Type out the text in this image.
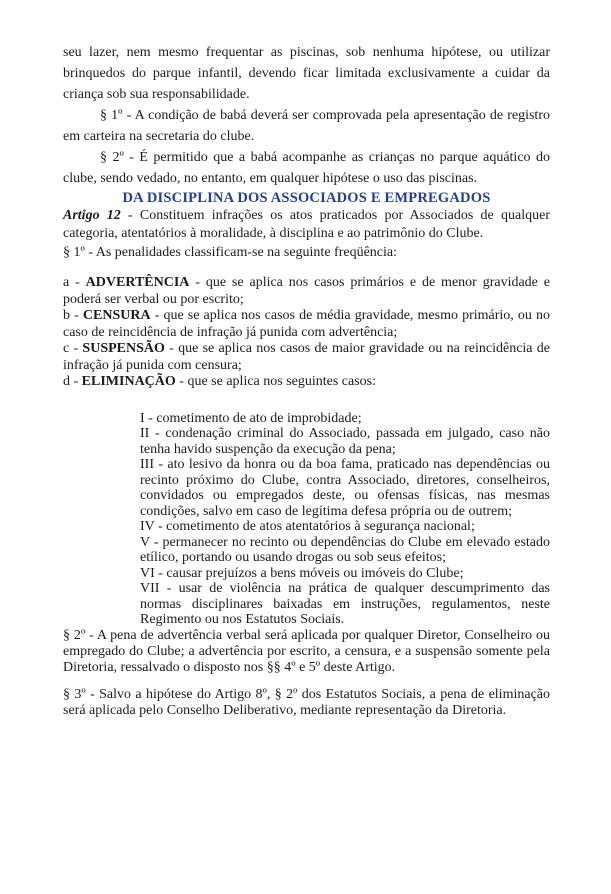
seu lazer, nem mesmo frequentar as piscinas, sob nenhuma hipótese, ou utilizar brinquedos do parque infantil, devendo ficar limitada exclusivamente a cuidar da criança sob sua responsabilidade.

§ 1º - A condição de babá deverá ser comprovada pela apresentação de registro em carteira na secretaria do clube.

§ 2º - É permitido que a babá acompanhe as crianças no parque aquático do clube, sendo vedado, no entanto, em qualquer hipótese o uso das piscinas.

DA DISCIPLINA DOS ASSOCIADOS E EMPREGADOS

Artigo 12 - Constituem infrações os atos praticados por Associados de qualquer categoria, atentatórios à moralidade, à disciplina e ao patrimônio do Clube.

§ 1º - As penalidades classificam-se na seguinte freqüência:

a - ADVERTÊNCIA - que se aplica nos casos primários e de menor gravidade e poderá ser verbal ou por escrito;

b - CENSURA - que se aplica nos casos de média gravidade, mesmo primário, ou no caso de reincidência de infração já punida com advertência;

c - SUSPENSÃO - que se aplica nos casos de maior gravidade ou na reincidência de infração já punida com censura;

d - ELIMINAÇÃO - que se aplica nos seguintes casos:

I - cometimento de ato de improbidade;

II - condenação criminal do Associado, passada em julgado, caso não tenha havido suspenção da execução da pena;

III - ato lesivo da honra ou da boa fama, praticado nas dependências ou recinto próximo do Clube, contra Associado, diretores, conselheiros, convidados ou empregados deste, ou ofensas físicas, nas mesmas condições, salvo em caso de legítima defesa própria ou de outrem;

IV - cometimento de atos atentatórios à segurança nacional;

V - permanecer no recinto ou dependências do Clube em elevado estado etílico, portando ou usando drogas ou sob seus efeitos;

VI - causar prejuízos a bens móveis ou imóveis do Clube;

VII - usar de violência na prática de qualquer descumprimento das normas disciplinares baixadas em instruções, regulamentos, neste Regimento ou nos Estatutos Sociais.

§ 2º - A pena de advertência verbal será aplicada por qualquer Diretor, Conselheiro ou empregado do Clube; a advertência por escrito, a censura, e a suspensão somente pela Diretoria, ressalvado o disposto nos §§ 4º e 5º deste Artigo.

§ 3º - Salvo a hipótese do Artigo 8º, § 2º dos Estatutos Sociais, a pena de eliminação será aplicada pelo Conselho Deliberativo, mediante representação da Diretoria.
